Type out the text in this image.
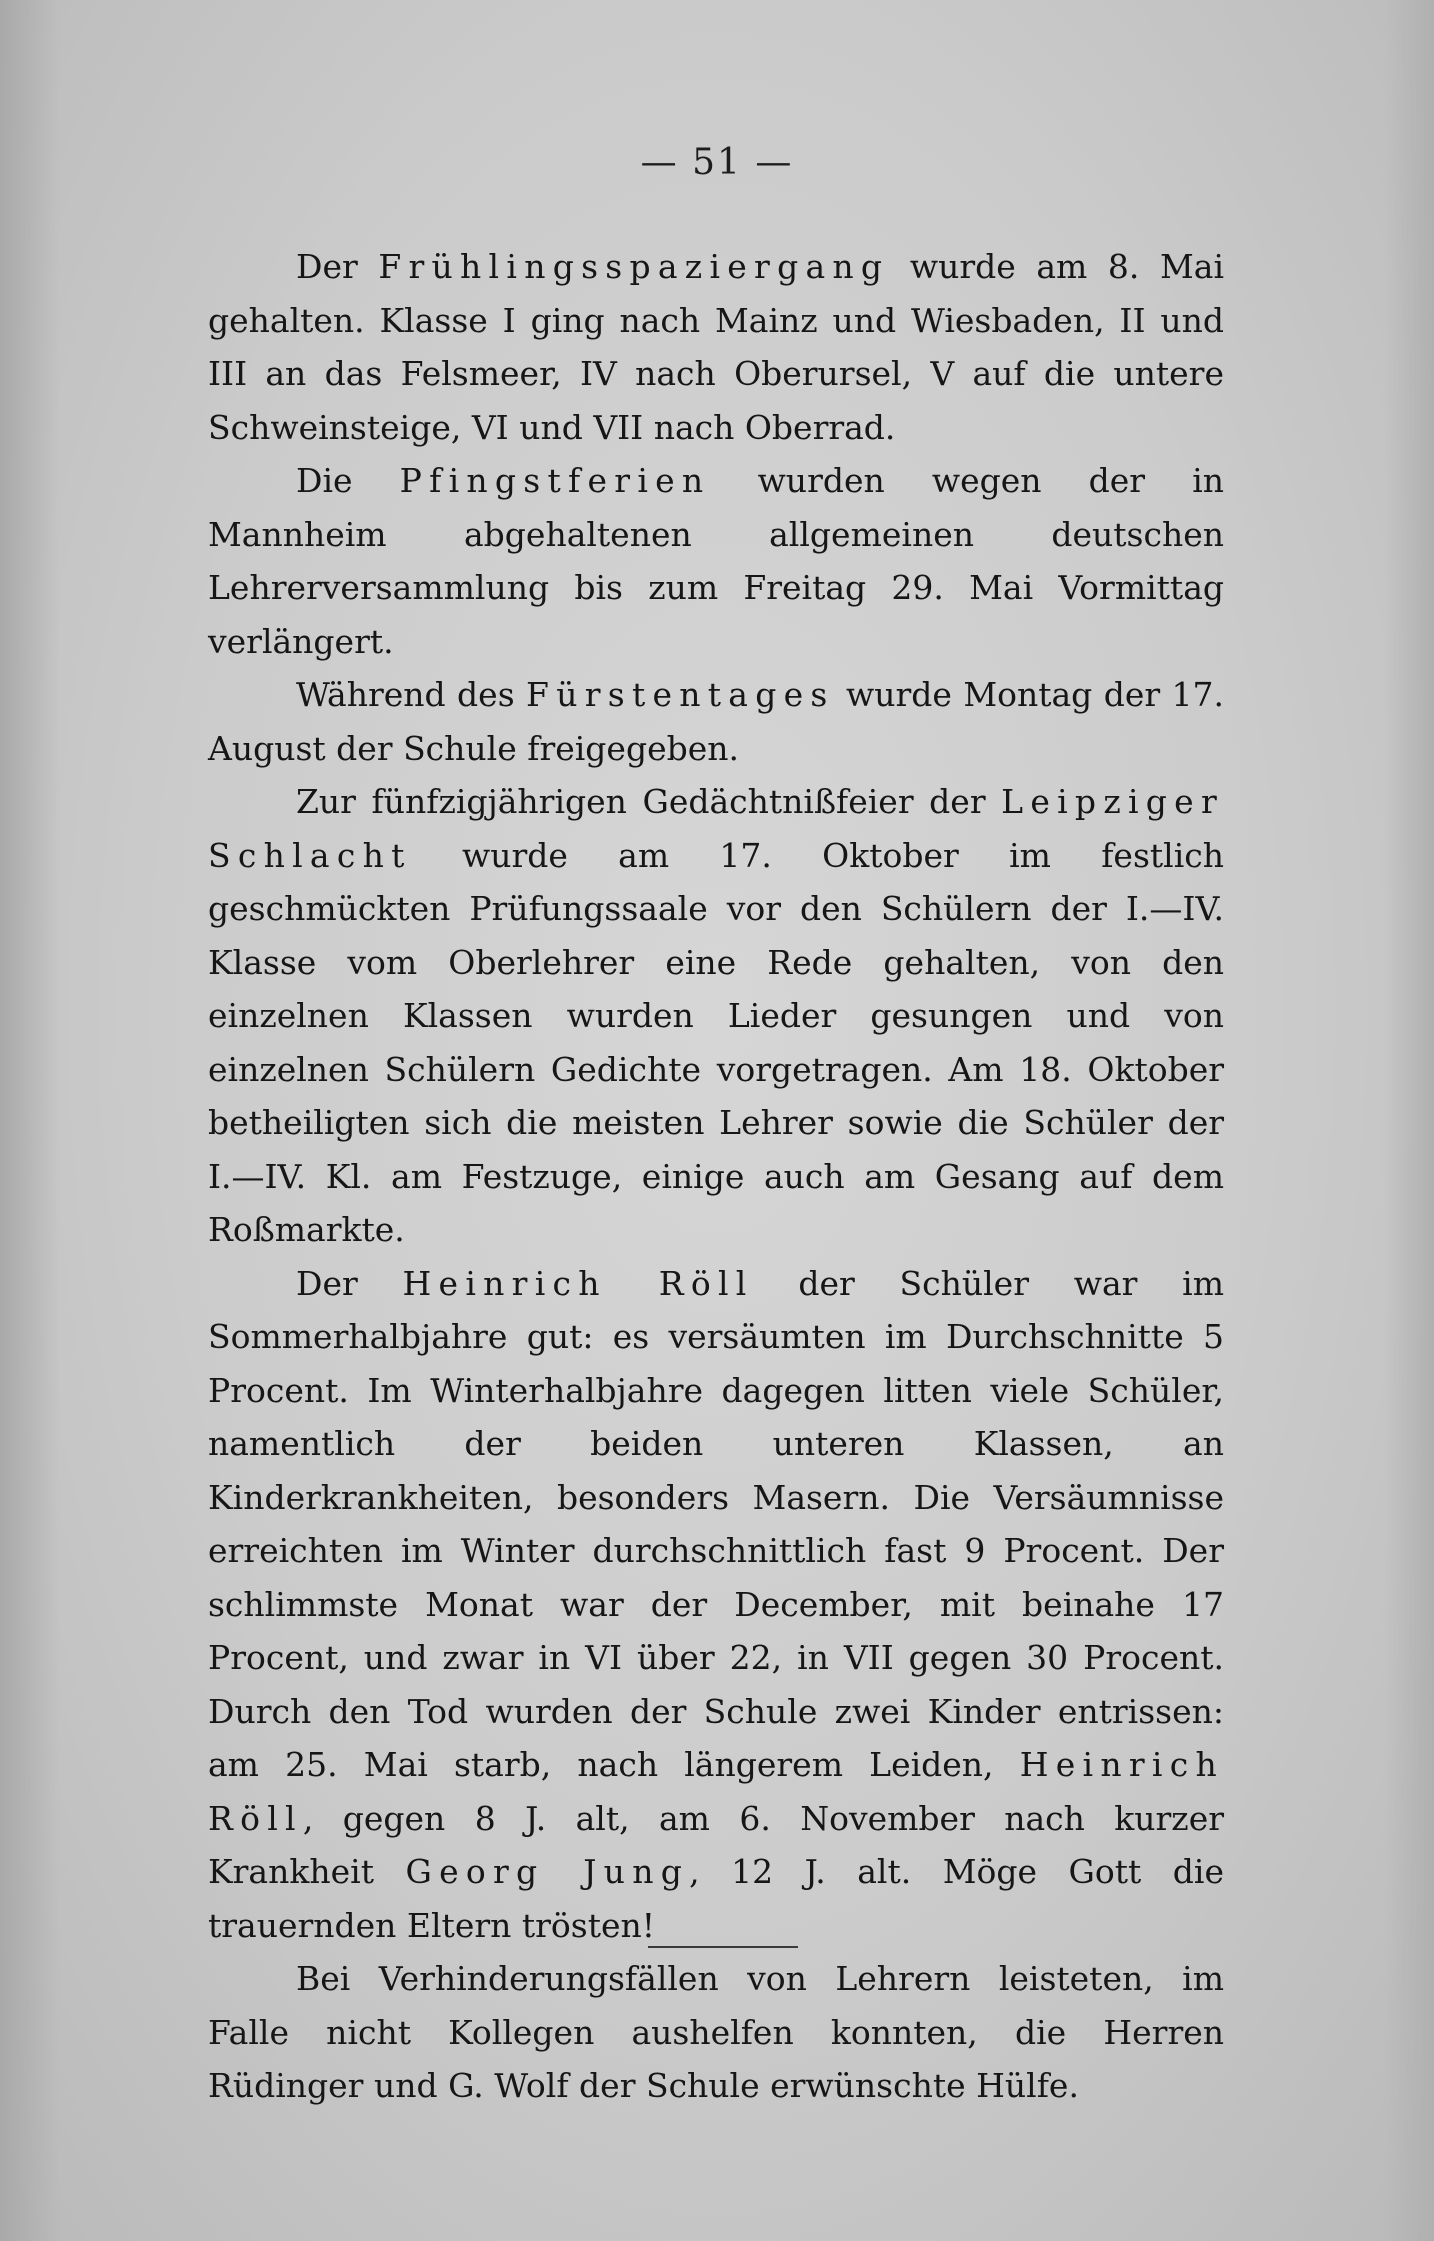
— 51 —

Der Frühlingsspaziergang wurde am 8. Mai gehalten. Klasse I ging nach Mainz und Wiesbaden, II und III an das Felsmeer, IV nach Oberursel, V auf die untere Schweinsteige, VI und VII nach Oberrad.

Die Pfingstferien wurden wegen der in Mannheim abgehaltenen allgemeinen deutschen Lehrerversammlung bis zum Freitag 29. Mai Vormittag verlängert.

Während des Fürstentages wurde Montag der 17. August der Schule freigegeben.

Zur fünfzigjährigen Gedächtnißfeier der Leipziger Schlacht wurde am 17. Oktober im festlich geschmückten Prüfungssaale vor den Schülern der I.—IV. Klasse vom Oberlehrer eine Rede gehalten, von den einzelnen Klassen wurden Lieder gesungen und von einzelnen Schülern Gedichte vorgetragen. Am 18. Oktober betheiligten sich die meisten Lehrer sowie die Schüler der I.—IV. Kl. am Festzuge, einige auch am Gesang auf dem Roßmarkte.

Der Heinrich Röll der Schüler war im Sommerhalbjahre gut: es versäumten im Durchschnitte 5 Procent. Im Winterhalbjahre dagegen litten viele Schüler, namentlich der beiden unteren Klassen, an Kinderkrankheiten, besonders Masern. Die Versäumnisse erreichten im Winter durchschnittlich fast 9 Procent. Der schlimmste Monat war der December, mit beinahe 17 Procent, und zwar in VI über 22, in VII gegen 30 Procent. Durch den Tod wurden der Schule zwei Kinder entrissen: am 25. Mai starb, nach längerem Leiden, Heinrich Röll, gegen 8 J. alt, am 6. November nach kurzer Krankheit Georg Jung, 12 J. alt. Möge Gott die trauernden Eltern trösten!

Bei Verhinderungsfällen von Lehrern leisteten, im Falle nicht Kollegen aushelfen konnten, die Herren Rüdinger und G. Wolf der Schule erwünschte Hülfe.
